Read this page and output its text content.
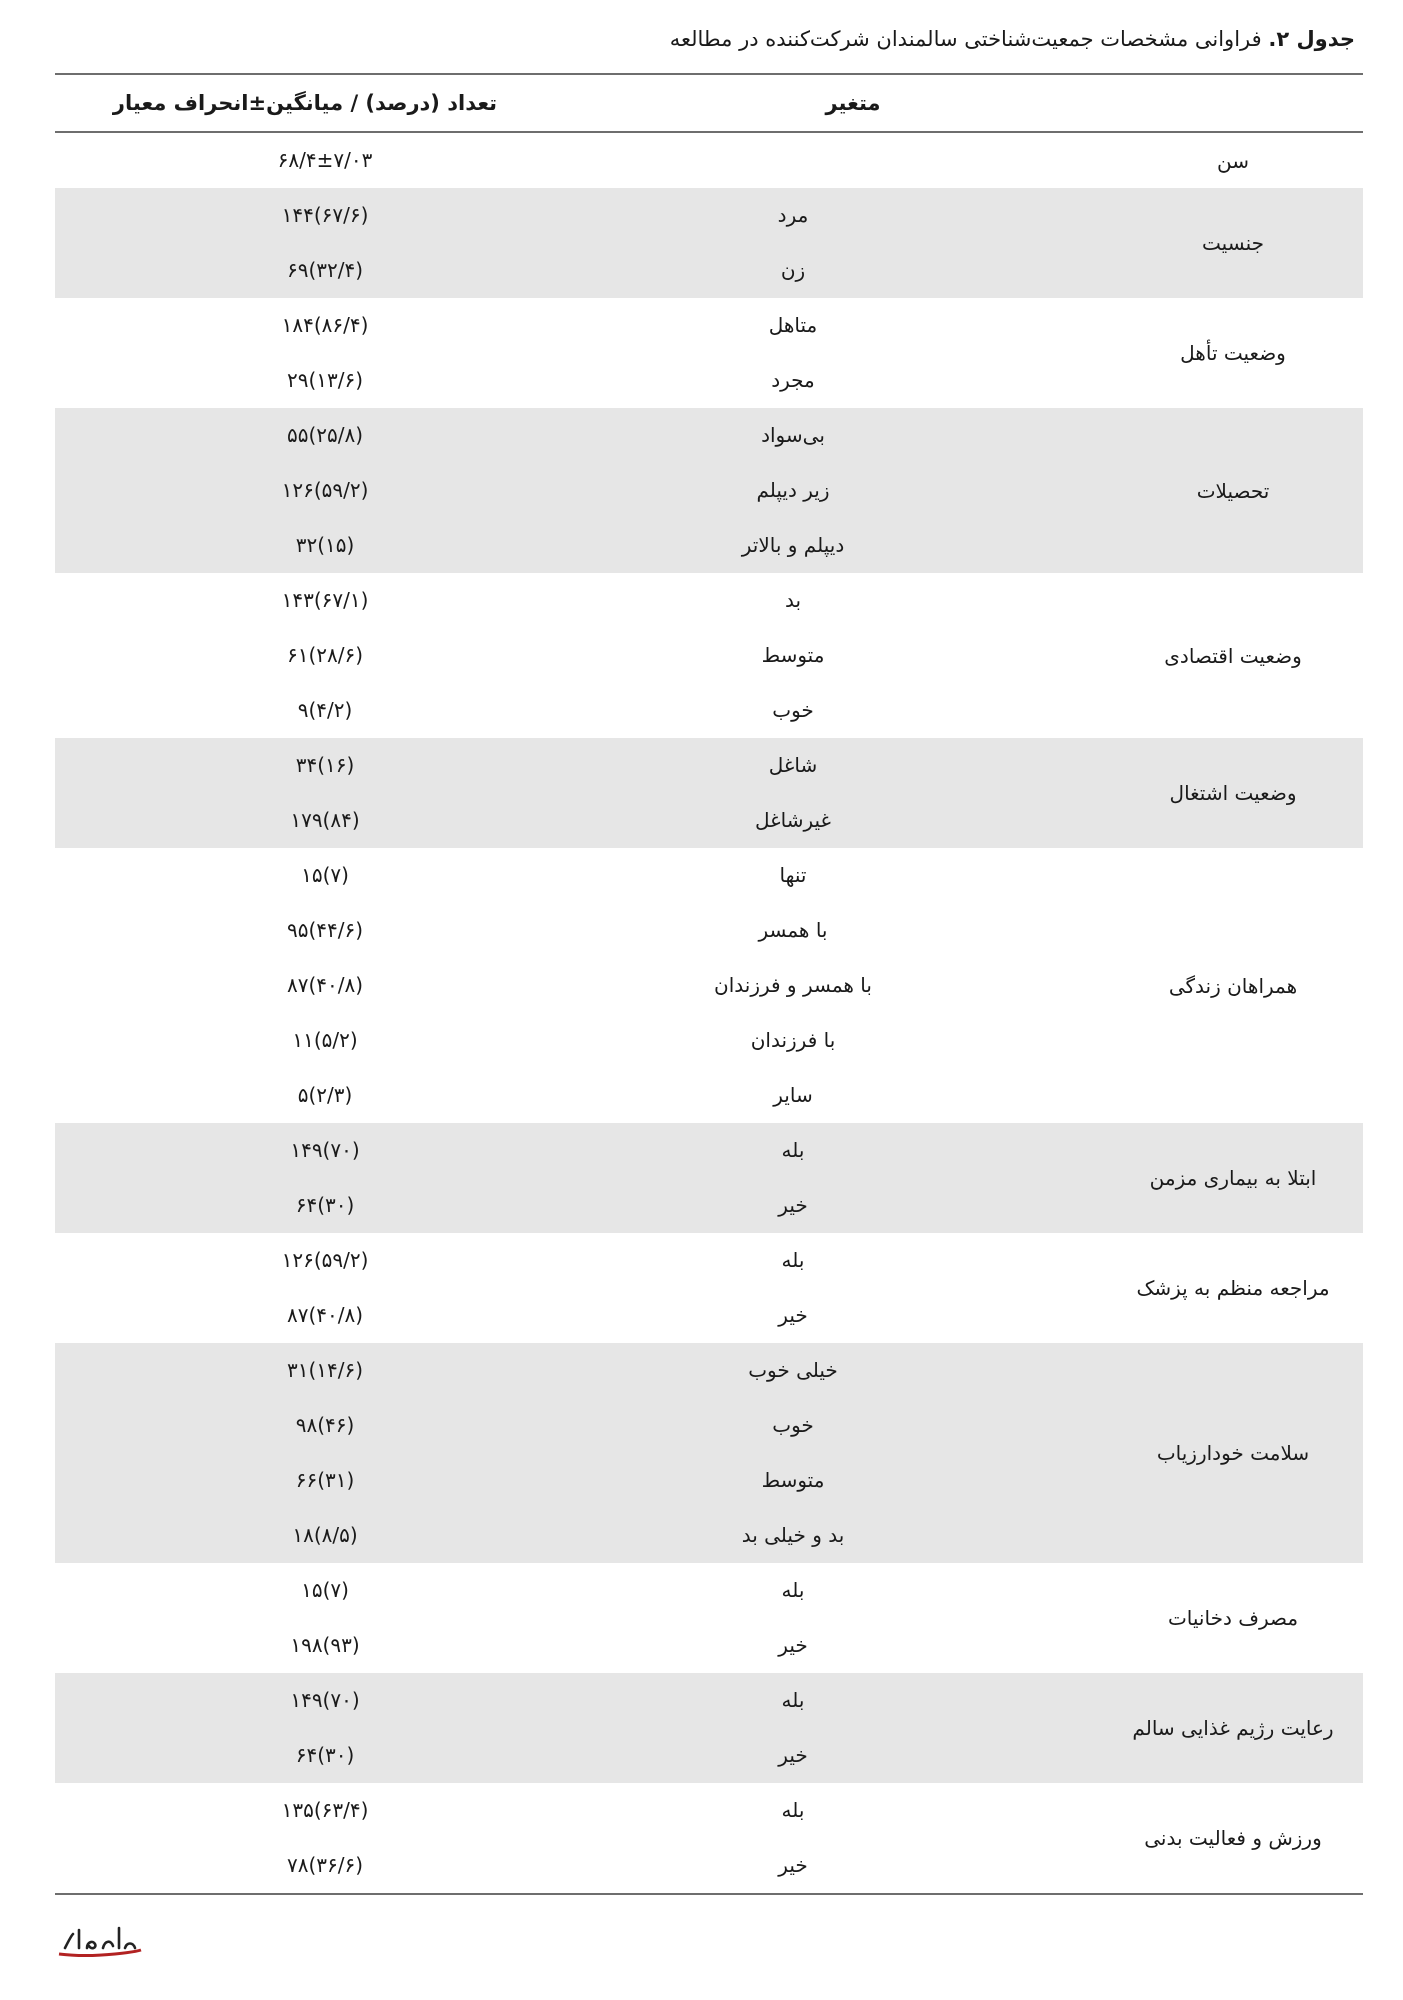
جدول ۲. فراوانی مشخصات جمعیت‌شناختی سالمندان شرکت‌کننده در مطالعه
متغیر
تعداد (درصد) / میانگین±انحراف معیار
سن
۶۸/۴±۷/۰۳
جنسیت
مرد
۱۴۴(۶۷/۶)
زن
۶۹(۳۲/۴)
وضعیت تأهل
متاهل
۱۸۴(۸۶/۴)
مجرد
۲۹(۱۳/۶)
تحصیلات
بی‌سواد
۵۵(۲۵/۸)
زیر دیپلم
۱۲۶(۵۹/۲)
دیپلم و بالاتر
۳۲(۱۵)
وضعیت اقتصادی
بد
۱۴۳(۶۷/۱)
متوسط
۶۱(۲۸/۶)
خوب
۹(۴/۲)
وضعیت اشتغال
شاغل
۳۴(۱۶)
غیرشاغل
۱۷۹(۸۴)
همراهان زندگی
تنها
۱۵(۷)
با همسر
۹۵(۴۴/۶)
با همسر و فرزندان
۸۷(۴۰/۸)
با فرزندان
۱۱(۵/۲)
سایر
۵(۲/۳)
ابتلا به بیماری مزمن
بله
۱۴۹(۷۰)
خیر
۶۴(۳۰)
مراجعه منظم به پزشک
بله
۱۲۶(۵۹/۲)
خیر
۸۷(۴۰/۸)
سلامت خودارزیاب
خیلی خوب
۳۱(۱۴/۶)
خوب
۹۸(۴۶)
متوسط
۶۶(۳۱)
بد و خیلی بد
۱۸(۸/۵)
مصرف دخانیات
بله
۱۵(۷)
خیر
۱۹۸(۹۳)
رعایت رژیم غذایی سالم
بله
۱۴۹(۷۰)
خیر
۶۴(۳۰)
ورزش و فعالیت بدنی
بله
۱۳۵(۶۳/۴)
خیر
۷۸(۳۶/۶)
